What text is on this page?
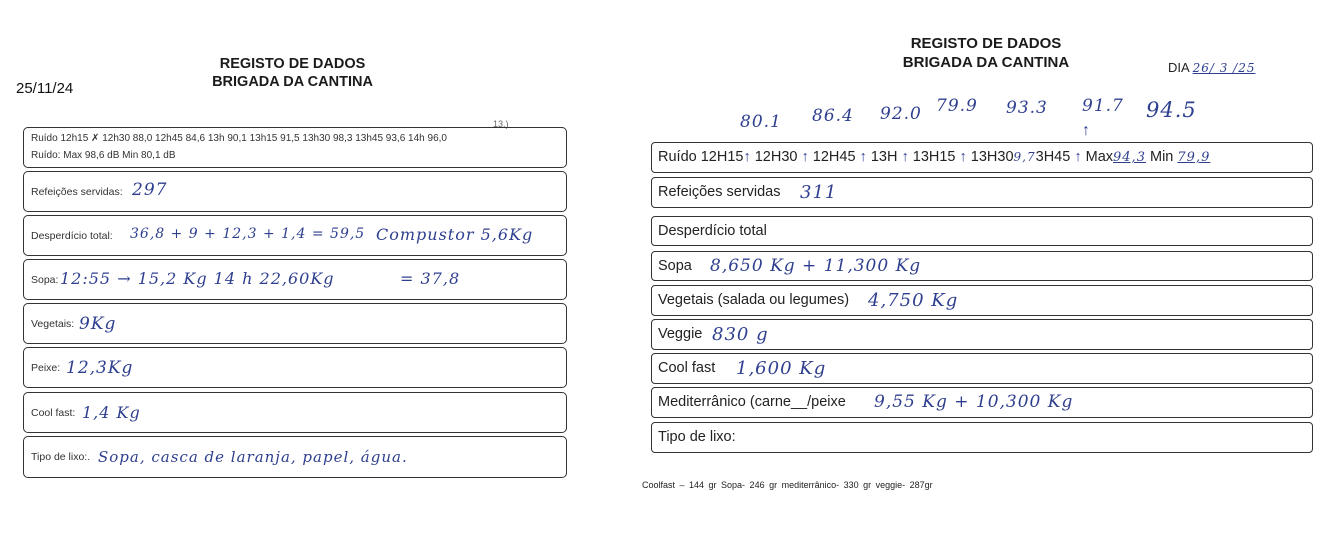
25/11/24
REGISTO DE DADOS
BRIGADA DA CANTINA
13.)
Ruído 12h15 ✗ 12h30 88,0 12h45 84,6 13h 90,1 13h15 91,5 13h30 98,3 13h45 93,6 14h 96,0
Ruído: Max 98,6 dB Min 80,1 dB
Refeições servidas: 297
Desperdício total: 36,8 + 9 + 12,3 + 1,4 = 59,5 Compustor 5,6Kg
Sopa: 12:55 → 15,2 Kg 14 h 22,60Kg	= 37,8
Vegetais: 9Kg
Peixe: 12,3Kg
Cool fast: 1,4 Kg
Tipo de lixo:. Sopa, casca de laranja, papel, água.
REGISTO DE DADOS
BRIGADA DA CANTINA	DIA 26/ 3 /25
80.1 86.4 92.0 79.9 93.3 91.7 94.5
↑
Ruído 12H15↑ 12H30 ↑ 12H45 ↑ 13H ↑ 13H15 ↑ 13H309,73H45 ↑ Max94,3 Min 79,9
Refeições servidas 311
Desperdício total
Sopa 8,650 Kg + 11,300 Kg
Vegetais (salada ou legumes) 4,750 Kg
Veggie 830 g
Cool fast 1,600 Kg
Mediterrânico (carne__/peixe 9,55 Kg + 10,300 Kg
Tipo de lixo:
Coolfast – 144 gr Sopa- 246 gr mediterrânico- 330 gr veggie- 287gr
